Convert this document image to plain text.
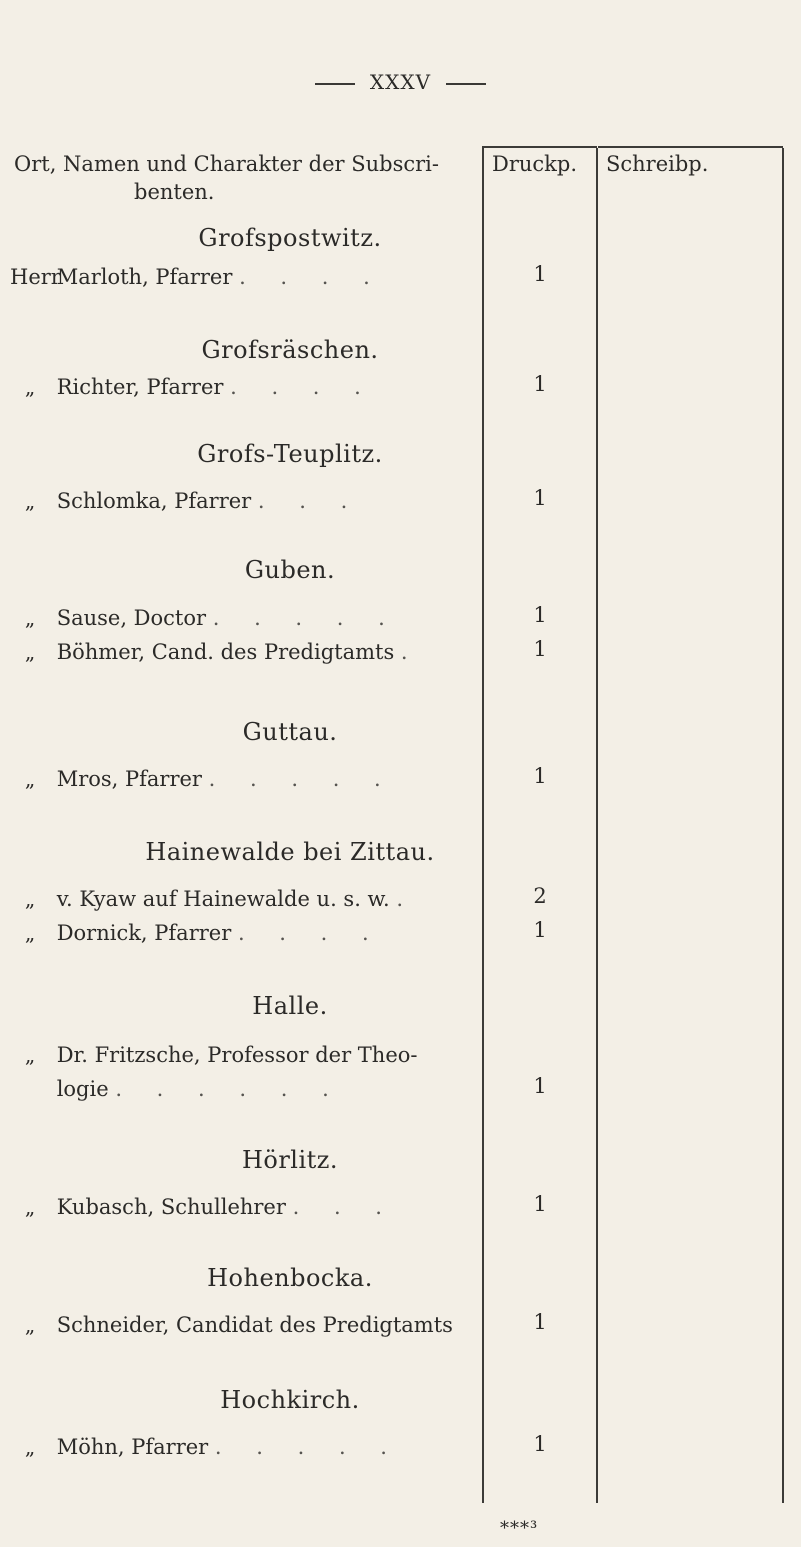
XXXV
Ort, Namen und Charakter der Subscri-
benten.
Druckp. Schreibp.
Grofspostwitz.
Herr Marloth, Pfarrer . . . .	1
Grofsräschen.
„ Richter, Pfarrer . . . .	1
Grofs-Teuplitz.
„ Schlomka, Pfarrer . . .	1
Guben.
„ Sause, Doctor . . . . .	1
„ Böhmer, Cand. des Predigtamts .	1
Guttau.
„ Mros, Pfarrer . . . . .	1
Hainewalde bei Zittau.
„ v. Kyaw auf Hainewalde u. s. w. .	2
„ Dornick, Pfarrer . . . .	1
Halle.
„ Dr. Fritzsche, Professor der Theo-
logie . . . . . .	1
Hörlitz.
„ Kubasch, Schullehrer . . .	1
Hohenbocka.
„ Schneider, Candidat des Predigtamts	1
Hochkirch.
„ Möhn, Pfarrer . . . . .	1
***³
